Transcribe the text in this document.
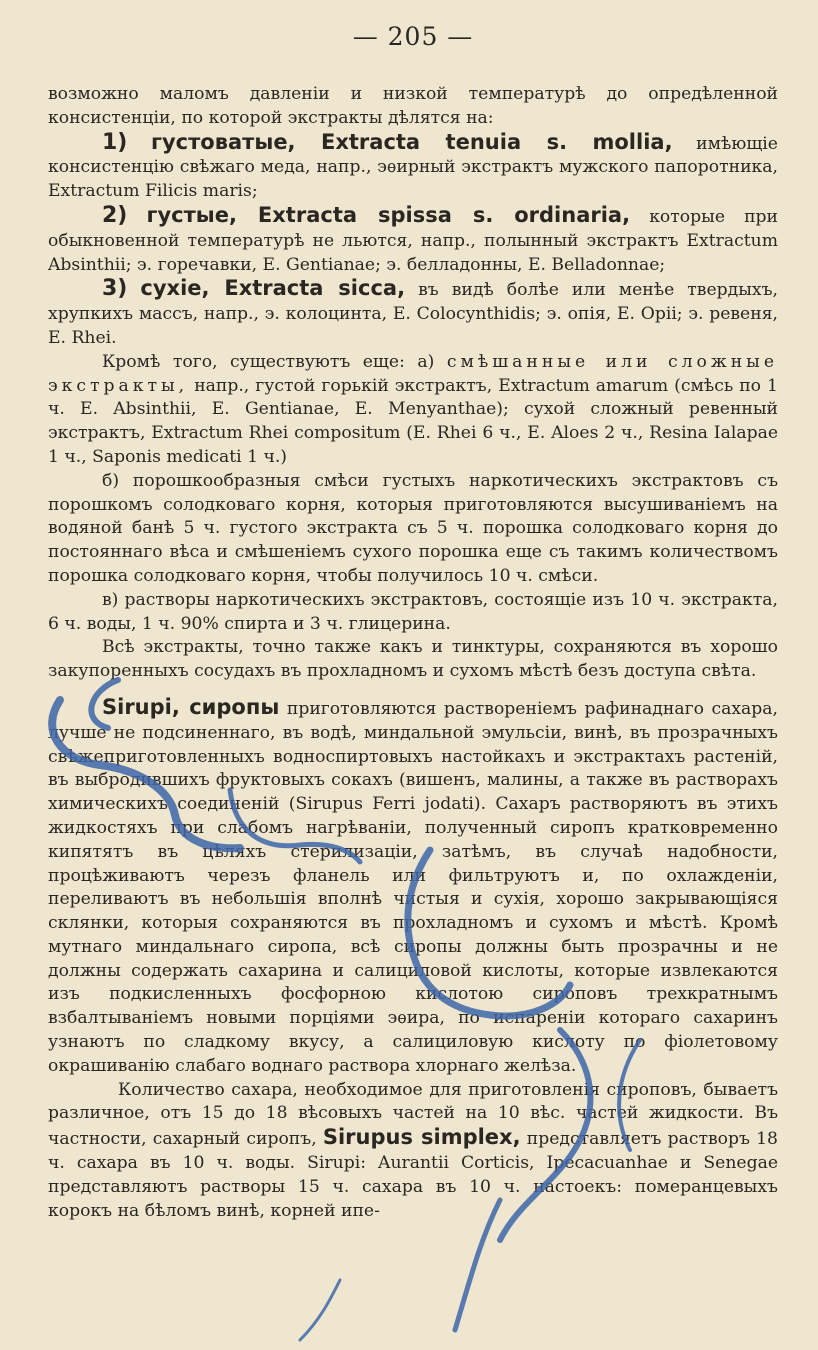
— 205 —

возможно маломъ давленіи и низкой температурѣ до опредѣленной консистенціи, по которой экстракты дѣлятся на:

1) густоватые, Extracta tenuia s. mollia, имѣющіе консистенцію свѣжаго меда, напр., эѳирный экстрактъ мужского папоротника, Extractum Filicis maris;

2) густые, Extracta spissa s. ordinaria, которые при обыкновенной температурѣ не льются, напр., полынный экстрактъ Extractum Absinthii; э. горечавки, E. Gentianae; э. белладонны, E. Belladonnae;

3) сухіе, Extracta sicca, въ видѣ болѣе или менѣе твердыхъ, хрупкихъ массъ, напр., э. колоцинта, E. Colocynthidis; э. опія, E. Opii; э. ревеня, E. Rhei.

Кромѣ того, существуютъ еще: а) смѣшанные или сложные экстракты, напр., густой горькій экстрактъ, Extractum amarum (смѣсь по 1 ч. E. Absinthii, E. Gentianae, E. Menyanthae); сухой сложный ревенный экстрактъ, Extractum Rhei compositum (E. Rhei 6 ч., E. Aloes 2 ч., Resina Ialapae 1 ч., Saponis medicati 1 ч.)

б) порошкообразныя смѣси густыхъ наркотическихъ экстрактовъ съ порошкомъ солодковаго корня, которыя приготовляются высушиваніемъ на водяной банѣ 5 ч. густого экстракта съ 5 ч. порошка солодковаго корня до постояннаго вѣса и смѣшеніемъ сухого порошка еще съ такимъ количествомъ порошка солодковаго корня, чтобы получилось 10 ч. смѣси.

в) растворы наркотическихъ экстрактовъ, состоящіе изъ 10 ч. экстракта, 6 ч. воды, 1 ч. 90% спирта и 3 ч. глицерина.

Всѣ экстракты, точно также какъ и тинктуры, сохраняются въ хорошо закупоренныхъ сосудахъ въ прохладномъ и сухомъ мѣстѣ безъ доступа свѣта.

Sirupi, сиропы приготовляются раствореніемъ рафинаднаго сахара, лучше не подсиненнаго, въ водѣ, миндальной эмульсіи, винѣ, въ прозрачныхъ свѣжеприготовленныхъ водноспиртовыхъ настойкахъ и экстрактахъ растеній, въ выбродившихъ фруктовыхъ сокахъ (вишенъ, малины, а также въ растворахъ химическихъ соединеній (Sirupus Ferri jodati). Сахаръ растворяютъ въ этихъ жидкостяхъ при слабомъ нагрѣваніи, полученный сиропъ кратковременно кипятятъ въ цѣляхъ стерилизаціи, затѣмъ, въ случаѣ надобности, процѣживаютъ черезъ фланель или фильтруютъ и, по охлажденіи, переливаютъ въ небольшія вполнѣ чистыя и сухія, хорошо закрывающіяся склянки, которыя сохраняются въ прохладномъ и сухомъ и мѣстѣ. Кромѣ мутнаго миндальнаго сиропа, всѣ сиропы должны быть прозрачны и не должны содержать сахарина и салициловой кислоты, которые извлекаются изъ подкисленныхъ фосфорною кислотою сироповъ трехкратнымъ взбалтываніемъ новыми порціями эѳира, по испареніи котораго сахаринъ узнаютъ по сладкому вкусу, а салициловую кислоту по фіолетовому окрашиванію слабаго воднаго раствора хлорнаго желѣза.

Количество сахара, необходимое для приготовленія сироповъ, бываетъ различное, отъ 15 до 18 вѣсовыхъ частей на 10 вѣс. частей жидкости. Въ частности, сахарный сиропъ, Sirupus simplex, представляетъ растворъ 18 ч. сахара въ 10 ч. воды. Sirupi: Aurantii Corticis, Ipecacuanhae и Senegae представляютъ растворы 15 ч. сахара въ 10 ч. настоекъ: померанцевыхъ корокъ на бѣломъ винѣ, корней ипе-
